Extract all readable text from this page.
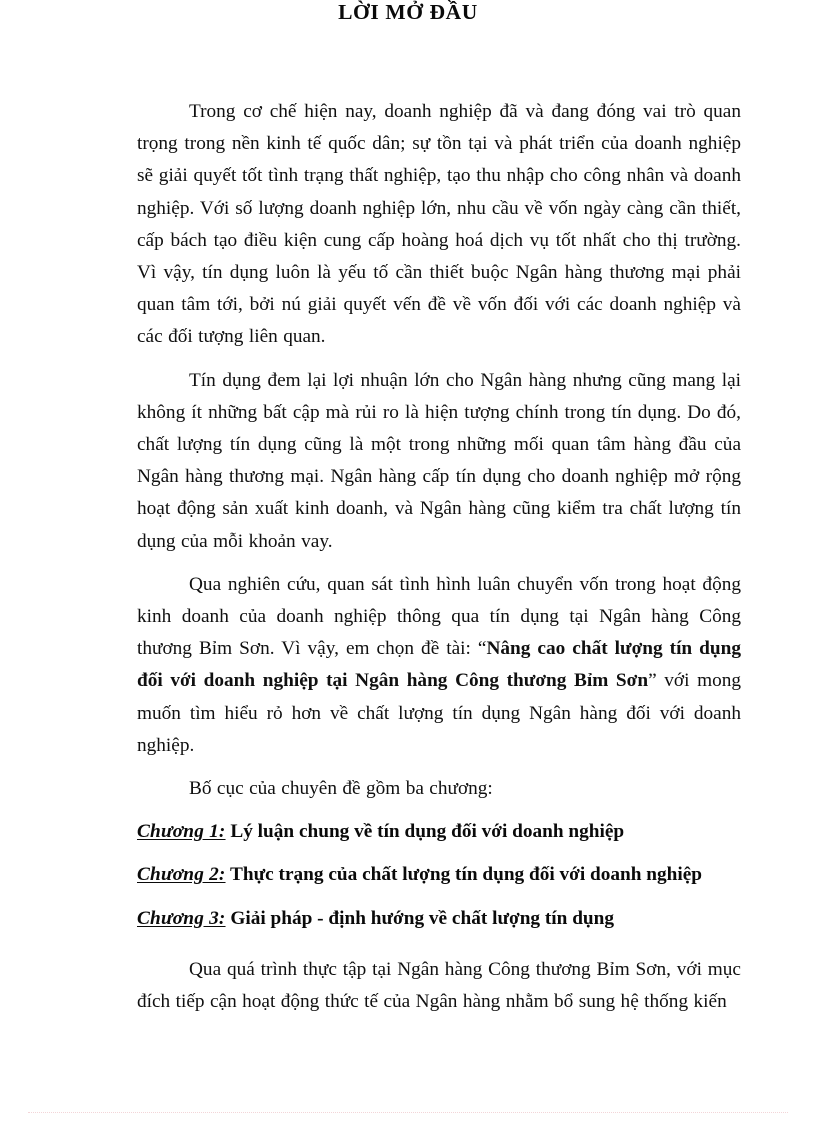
LỜI MỞ ĐẦU

Trong cơ chế hiện nay, doanh nghiệp đã và đang đóng vai trò quan trọng trong nền kinh tế quốc dân; sự tồn tại và phát triển của doanh nghiệp sẽ giải quyết tốt tình trạng thất nghiệp, tạo thu nhập cho công nhân và doanh nghiệp. Với số lượng doanh nghiệp lớn, nhu cầu về vốn ngày càng cần thiết, cấp bách tạo điều kiện cung cấp hoàng hoá dịch vụ tốt nhất cho thị trường. Vì vậy, tín dụng luôn là yếu tố cần thiết buộc Ngân hàng thương mại phải quan tâm tới, bởi nú giải quyết vến đề về vốn đối với các doanh nghiệp và các đối tượng liên quan.

Tín dụng đem lại lợi nhuận lớn cho Ngân hàng nhưng cũng mang lại không ít những bất cập mà rủi ro là hiện tượng chính trong tín dụng. Do đó, chất lượng tín dụng cũng là một trong những mối quan tâm hàng đầu của Ngân hàng thương mại. Ngân hàng cấp tín dụng cho doanh nghiệp mở rộng hoạt động sản xuất kinh doanh, và Ngân hàng cũng kiểm tra chất lượng tín dụng của mỗi khoản vay.

Qua nghiên cứu, quan sát tình hình luân chuyển vốn trong hoạt động kinh doanh của doanh nghiệp thông qua tín dụng tại Ngân hàng Công thương Bỉm Sơn. Vì vậy, em chọn đề tài: “Nâng cao chất lượng tín dụng đối với doanh nghiệp tại Ngân hàng Công thương Bỉm Sơn” với mong muốn tìm hiểu rỏ hơn về chất lượng tín dụng Ngân hàng đối với doanh nghiệp.

Bố cục của chuyên đề gồm ba chương:

Chương 1: Lý luận chung về tín dụng đối với doanh nghiệp

Chương 2: Thực trạng của chất lượng tín dụng đối với doanh nghiệp

Chương 3: Giải pháp - định hướng về chất lượng tín dụng

Qua quá trình thực tập tại Ngân hàng Công thương Bỉm Sơn, với mục đích tiếp cận hoạt động thức tế của Ngân hàng nhằm bổ sung hệ thống kiến
